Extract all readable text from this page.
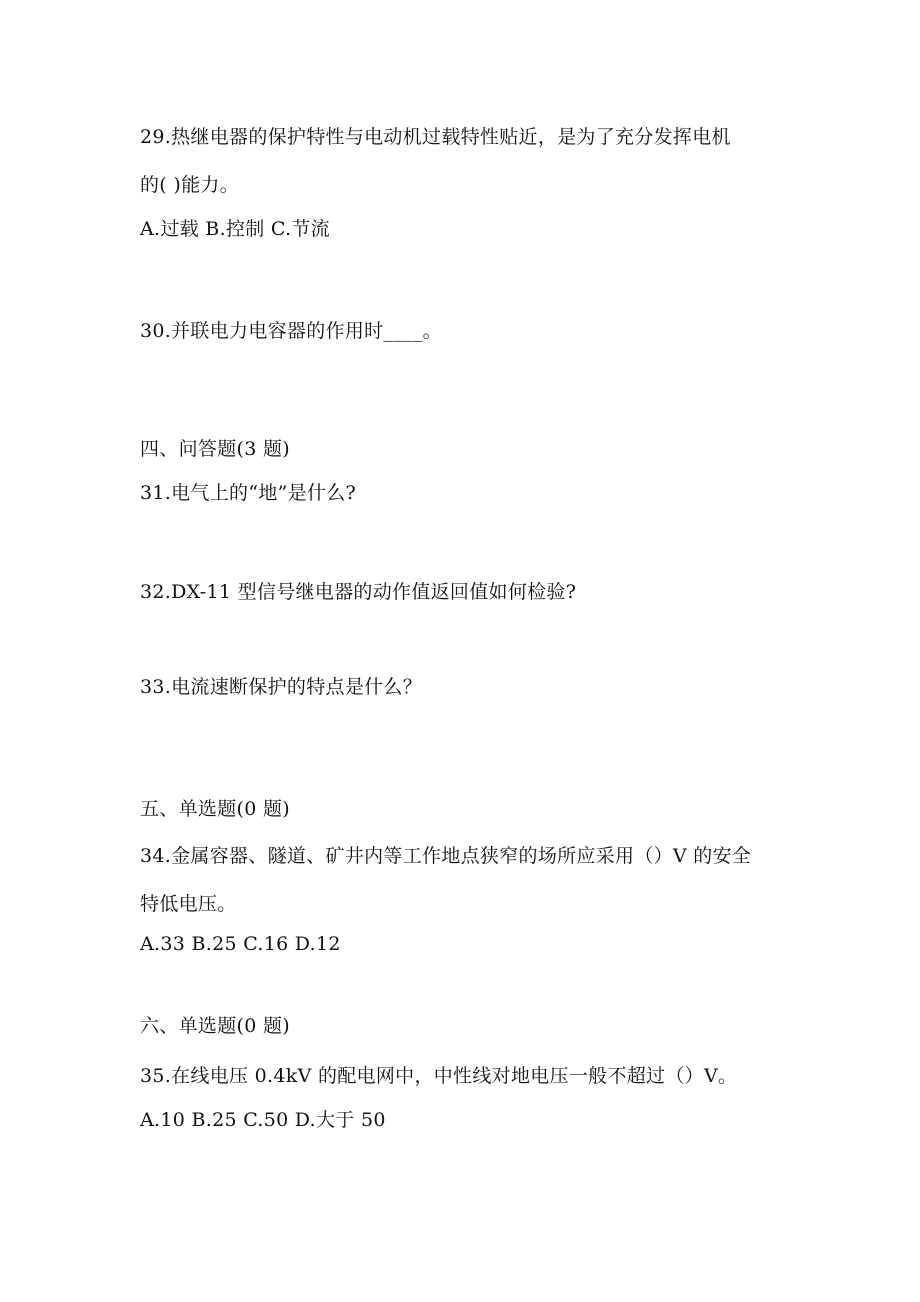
29.热继电器的保护特性与电动机过载特性贴近，是为了充分发挥电机
的( )能力。
A.过载 B.控制 C.节流
30.并联电力电容器的作用时____。
四、问答题(3 题)
31.电气上的“地”是什么?
32.DX-11 型信号继电器的动作值返回值如何检验?
33.电流速断保护的特点是什么？
五、单选题(0 题)
34.金属容器、隧道、矿井内等工作地点狭窄的场所应采用（）V 的安全
特低电压。
A.33 B.25 C.16 D.12
六、单选题(0 题)
35.在线电压 0.4kV 的配电网中，中性线对地电压一般不超过（）V。
A.10 B.25 C.50 D.大于 50
